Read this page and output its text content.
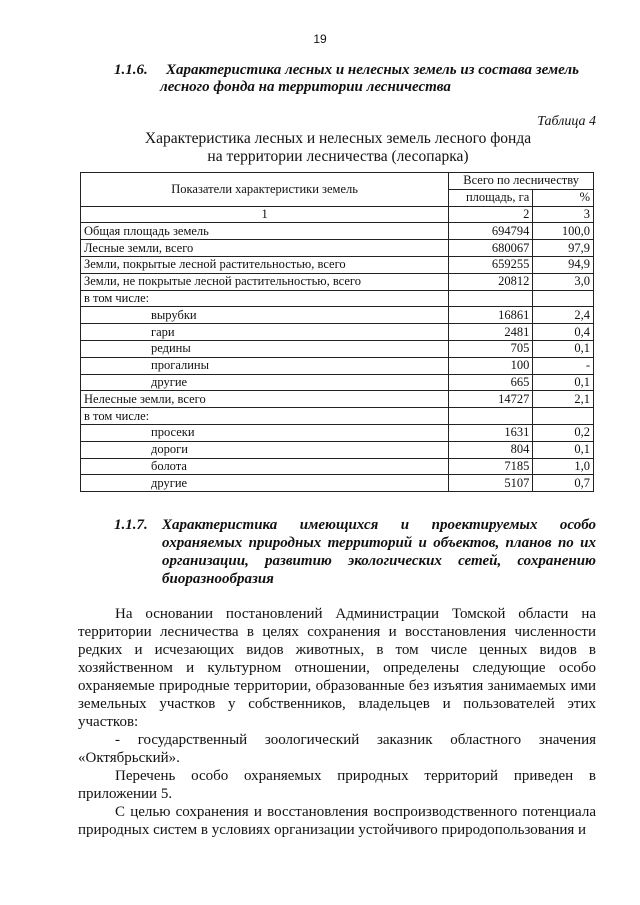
19
1.1.6. Характеристика лесных и нелесных земель из состава земель
лесного фонда на территории лесничества
Таблица 4
Характеристика лесных и нелесных земель лесного фонда
на территории лесничества (лесопарка)
Показатели характеристики земель	Всего по лесничеству	
	площадь, га	%
1	2	3
Общая площадь земель	694794	100,0
Лесные земли, всего	680067	97,9
Земли, покрытые лесной растительностью, всего	659255	94,9
Земли, не покрытые лесной растительностью, всего	20812	3,0
в том числе:		
вырубки	16861	2,4
гари	2481	0,4
редины	705	0,1
прогалины	100	-
другие	665	0,1
Нелесные земли, всего	14727	2,1
в том числе:		
просеки	1631	0,2
дороги	804	0,1
болота	7185	1,0
другие	5107	0,7
1.1.7. Характеристика имеющихся и проектируемых особо охраняемых природных территорий и объектов, планов по их организации, развитию экологических сетей, сохранению биоразнообразия

На основании постановлений Администрации Томской области на территории лесничества в целях сохранения и восстановления численности редких и исчезающих видов животных, в том числе ценных видов в хозяйственном и культурном отношении, определены следующие особо охраняемые природные территории, образованные без изъятия занимаемых ими земельных участков у собственников, владельцев и пользователей этих участков:

- государственный зоологический заказник областного значения «Октябрьский».

Перечень особо охраняемых природных территорий приведен в приложении 5.

С целью сохранения и восстановления воспроизводственного потенциала природных систем в условиях организации устойчивого природопользования и
